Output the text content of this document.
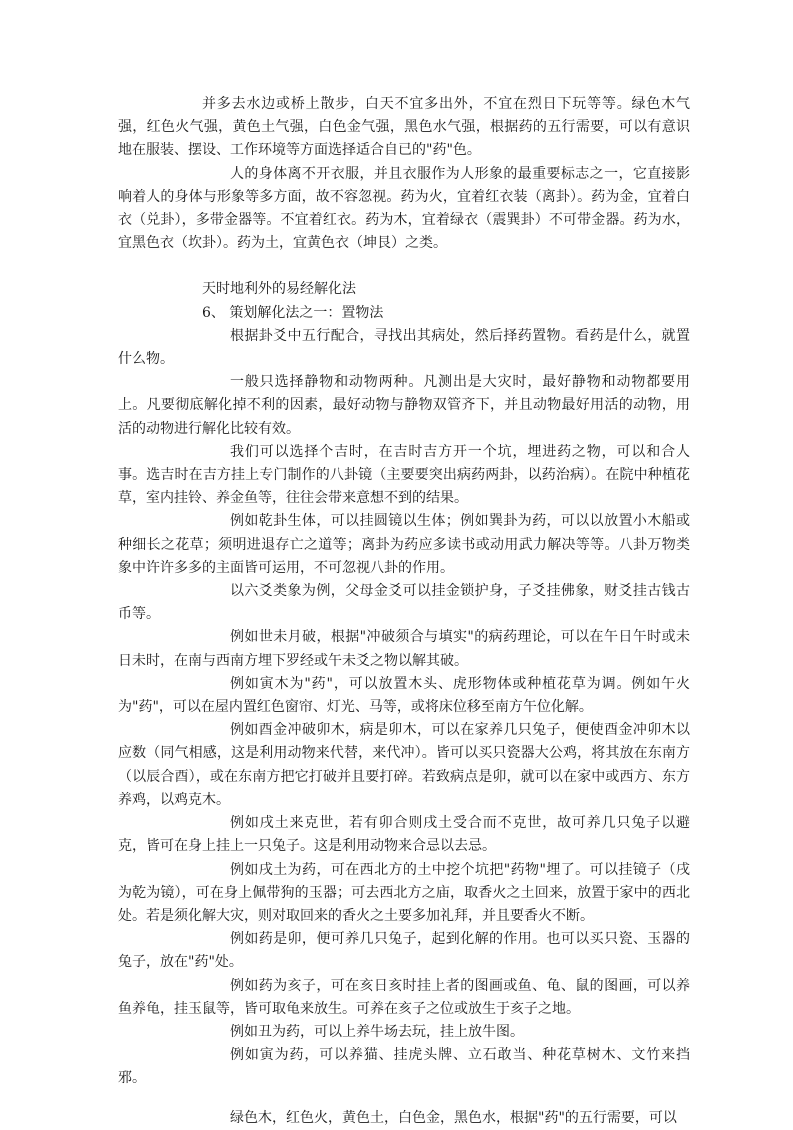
并多去水边或桥上散步，白天不宜多出外，不宜在烈日下玩等等。绿色木气强，红色火气强，黄色土气强，白色金气强，黑色水气强，根据药的五行需要，可以有意识地在服装、摆设、工作环境等方面选择适合自已的"药"色。

人的身体离不开衣服，并且衣服作为人形象的最重要标志之一，它直接影响着人的身体与形象等多方面，故不容忽视。药为火，宜着红衣装（离卦）。药为金，宜着白衣（兑卦），多带金器等。不宜着红衣。药为木，宜着绿衣（震巽卦）不可带金器。药为水，宜黑色衣（坎卦）。药为土，宜黄色衣（坤艮）之类。

天时地利外的易经解化法

6、 策划解化法之一：置物法

根据卦爻中五行配合，寻找出其病处，然后择药置物。看药是什么，就置什么物。

一般只选择静物和动物两种。凡测出是大灾时，最好静物和动物都要用上。凡要彻底解化掉不利的因素，最好动物与静物双管齐下，并且动物最好用活的动物，用活的动物进行解化比较有效。

我们可以选择个吉时，在吉时吉方开一个坑，埋进药之物，可以和合人事。选吉时在吉方挂上专门制作的八卦镜（主要要突出病药两卦，以药治病）。在院中种植花草，室内挂铃、养金鱼等，往往会带来意想不到的结果。

例如乾卦生体，可以挂圆镜以生体；例如巽卦为药，可以以放置小木船或种细长之花草；须明进退存亡之道等；离卦为药应多读书或动用武力解决等等。八卦万物类象中许许多多的主面皆可运用，不可忽视八卦的作用。

以六爻类象为例，父母金爻可以挂金锁护身，子爻挂佛象，财爻挂古钱古币等。

例如世未月破，根据"冲破须合与填实"的病药理论，可以在午日午时或未日未时，在南与西南方埋下罗经或午未爻之物以解其破。

例如寅木为"药"，可以放置木头、虎形物体或种植花草为调。例如午火为"药"，可以在屋内置红色窗帘、灯光、马等，或将床位移至南方午位化解。

例如酉金冲破卯木，病是卯木，可以在家养几只兔子，便使酉金冲卯木以应数（同气相感，这是利用动物来代替，来代冲）。皆可以买只瓷器大公鸡，将其放在东南方（以辰合酉），或在东南方把它打破并且要打碎。若致病点是卯，就可以在家中或西方、东方养鸡，以鸡克木。

例如戌土来克世，若有卯合则戌土受合而不克世，故可养几只兔子以避克，皆可在身上挂上一只兔子。这是利用动物来合忌以去忌。

例如戌土为药，可在西北方的土中挖个坑把"药物"埋了。可以挂镜子（戌为乾为镜），可在身上佩带狗的玉器；可去西北方之庙，取香火之土回来，放置于家中的西北处。若是须化解大灾，则对取回来的香火之土要多加礼拜，并且要香火不断。

例如药是卯，便可养几只兔子，起到化解的作用。也可以买只瓷、玉器的兔子，放在"药"处。

例如药为亥子，可在亥日亥时挂上者的图画或鱼、龟、鼠的图画，可以养鱼养龟，挂玉鼠等，皆可取龟来放生。可养在亥子之位或放生于亥子之地。

例如丑为药，可以上养牛场去玩，挂上放牛图。

例如寅为药，可以养猫、挂虎头牌、立石敢当、种花草树木、文竹来挡邪。

绿色木，红色火，黄色土，白色金，黑色水，根据"药"的五行需要，可以
